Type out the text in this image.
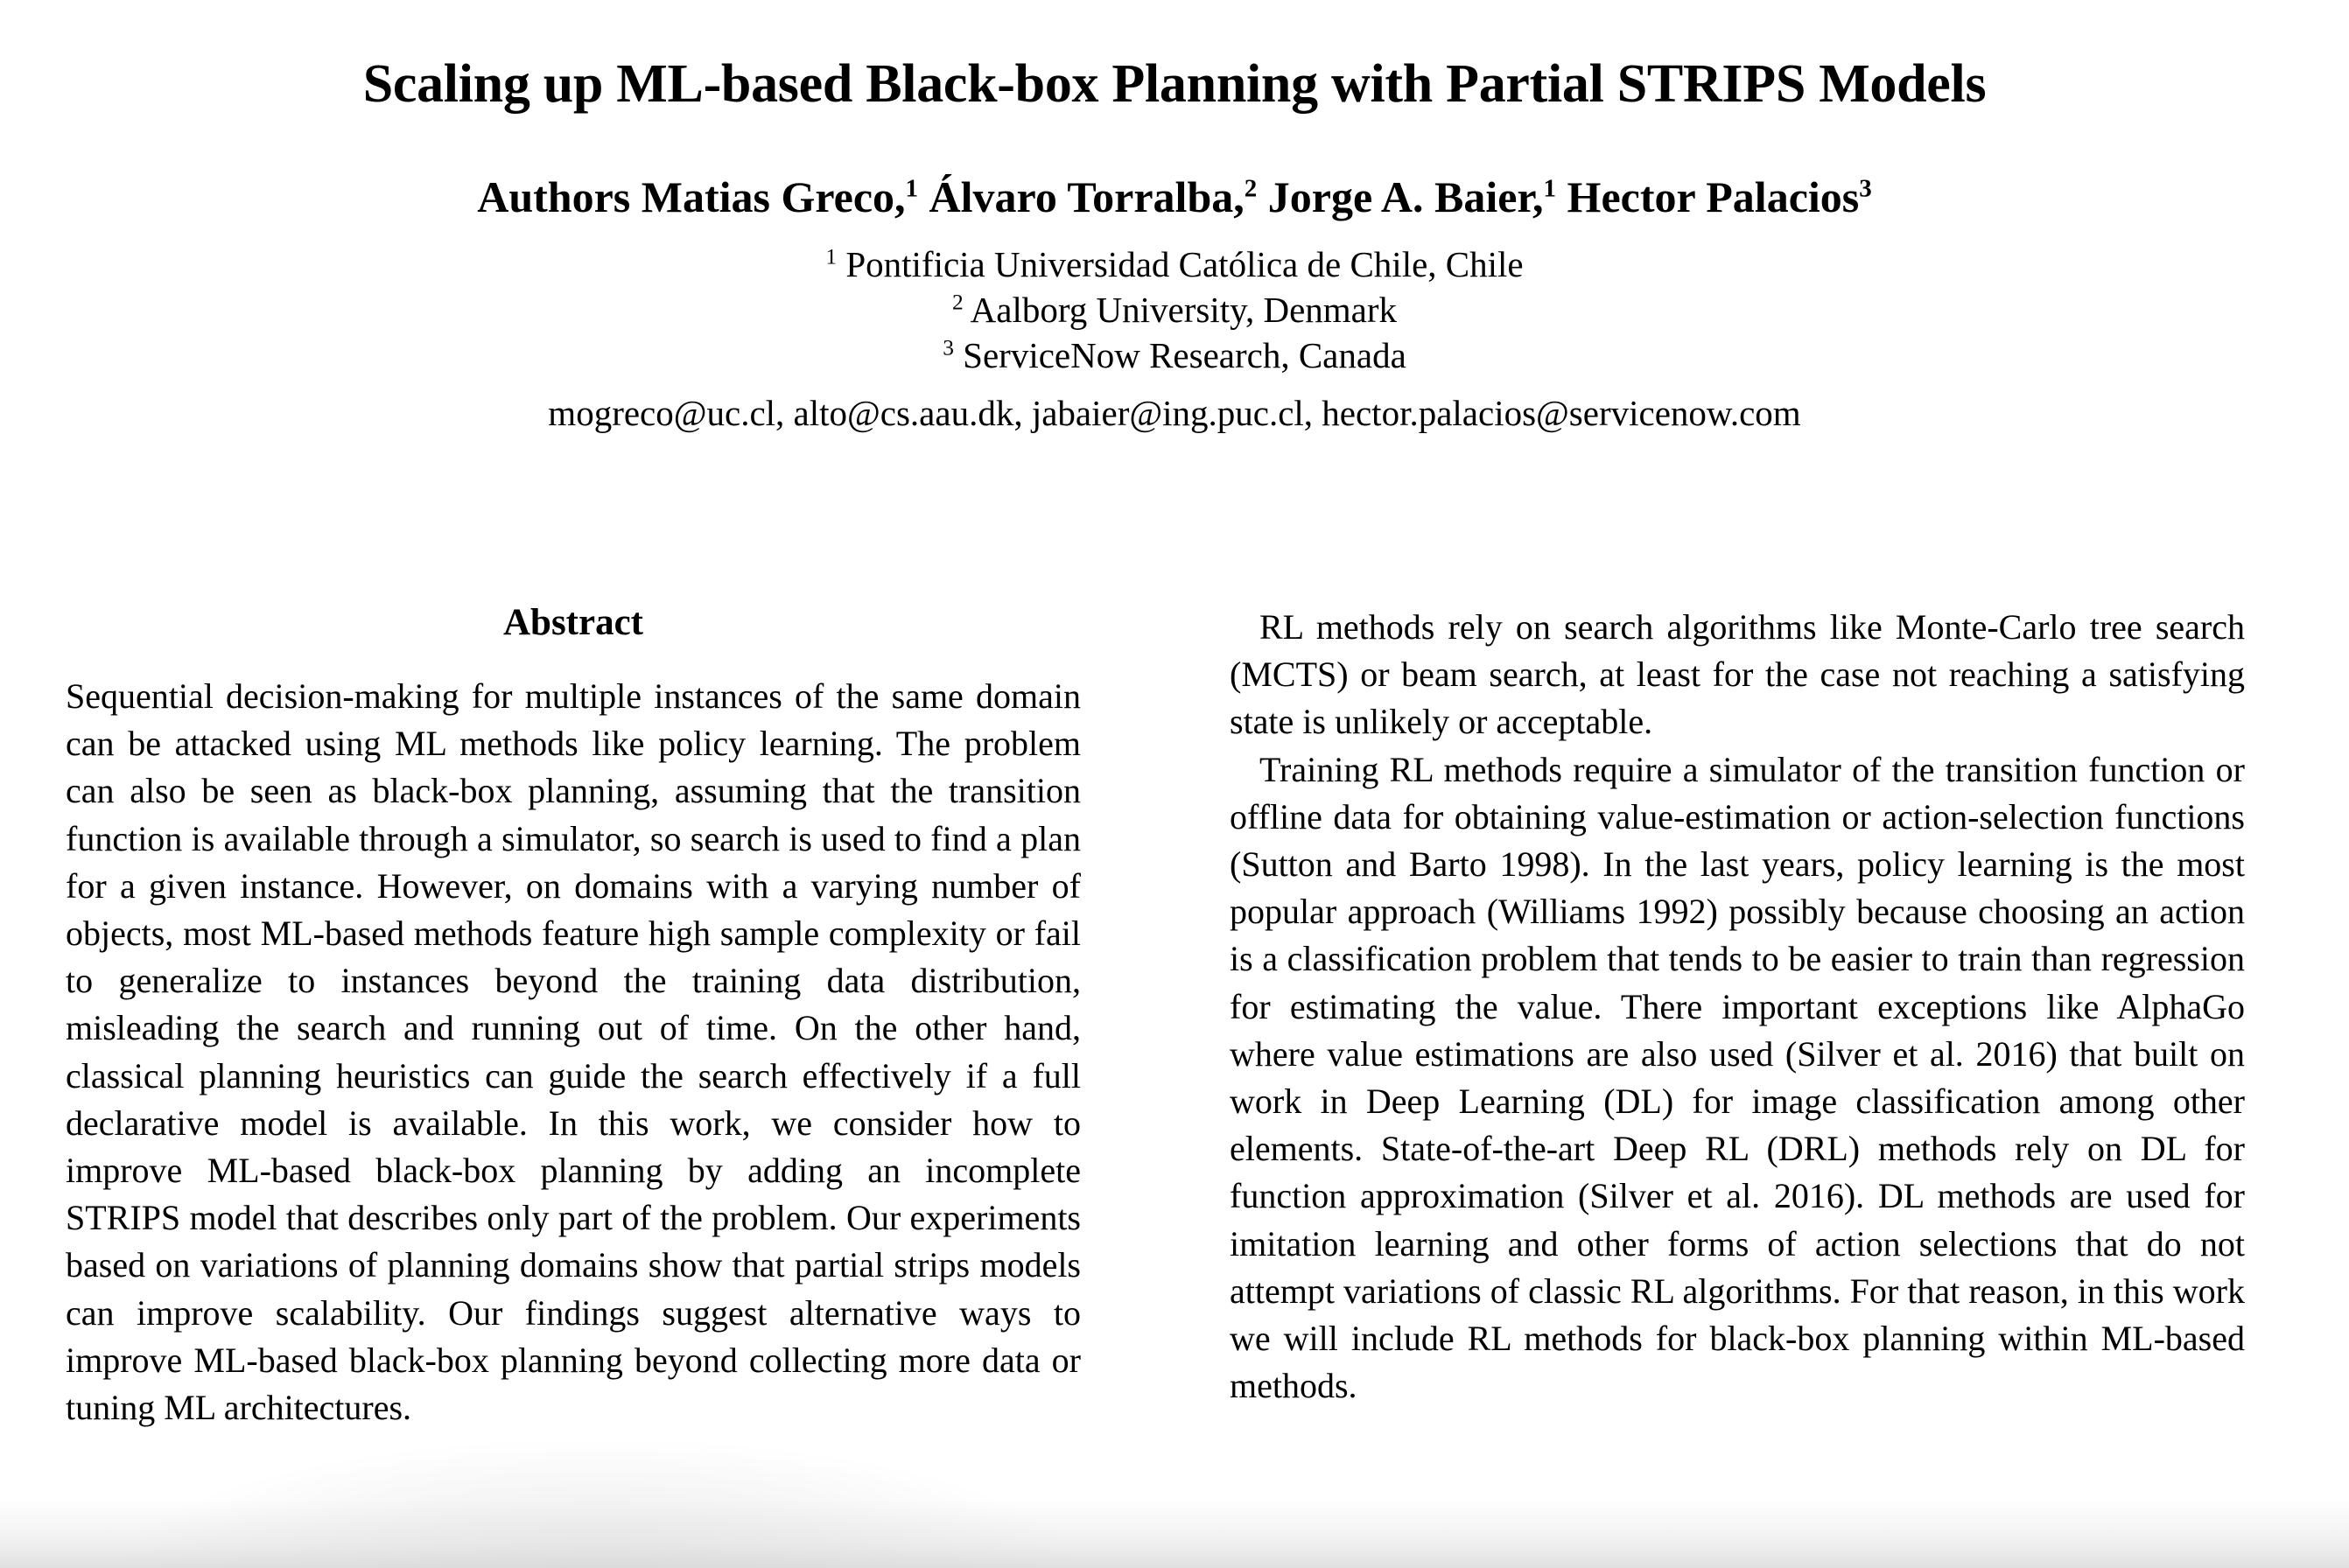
Scaling up ML-based Black-box Planning with Partial STRIPS Models
Authors Matias Greco,$^1$ Álvaro Torralba,$^2$ Jorge A. Baier,$^1$ Hector Palacios$^3$
$^1$ Pontificia Universidad Católica de Chile, Chile
$^2$ Aalborg University, Denmark
$^3$ ServiceNow Research, Canada
mogreco@uc.cl, alto@cs.aau.dk, jabaier@ing.puc.cl, hector.palacios@servicenow.com
Abstract

Sequential decision-making for multiple instances of the same domain can be attacked using ML methods like policy learning. The problem can also be seen as black-box planning, assuming that the transition function is available through a simulator, so search is used to find a plan for a given instance. However, on domains with a varying number of objects, most ML-based methods feature high sample complexity or fail to generalize to instances beyond the training data distribution, misleading the search and running out of time. On the other hand, classical planning heuristics can guide the search effectively if a full declarative model is available. In this work, we consider how to improve ML-based black-box planning by adding an incomplete STRIPS model that describes only part of the problem. Our experiments based on variations of planning domains show that partial strips models can improve scalability. Our findings suggest alternative ways to improve ML-based black-box planning beyond collecting more data or tuning ML architectures.

RL methods rely on search algorithms like Monte-Carlo tree search (MCTS) or beam search, at least for the case not reaching a satisfying state is unlikely or acceptable.

Training RL methods require a simulator of the transition function or offline data for obtaining value-estimation or action-selection functions (Sutton and Barto 1998). In the last years, policy learning is the most popular approach (Williams 1992) possibly because choosing an action is a classification problem that tends to be easier to train than regression for estimating the value. There important exceptions like AlphaGo where value estimations are also used (Silver et al. 2016) that built on work in Deep Learning (DL) for image classification among other elements. State-of-the-art Deep RL (DRL) methods rely on DL for function approximation (Silver et al. 2016). DL methods are used for imitation learning and other forms of action selections that do not attempt variations of classic RL algorithms. For that reason, in this work we will include RL methods for black-box planning within ML-based methods.
